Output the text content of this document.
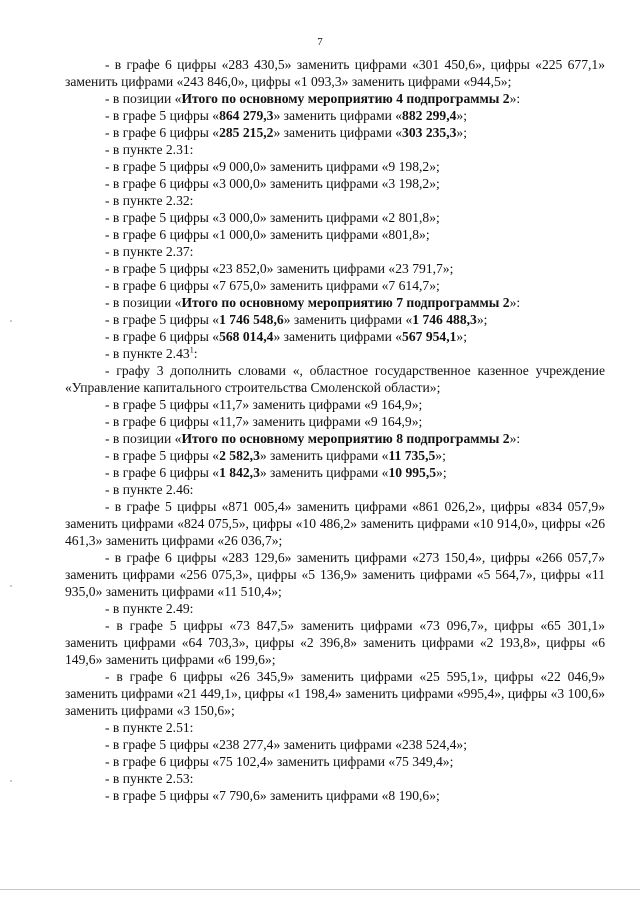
7

- в графе 6 цифры «283 430,5» заменить цифрами «301 450,6», цифры «225 677,1» заменить цифрами «243 846,0», цифры «1 093,3» заменить цифрами «944,5»;

- в позиции «Итого по основному мероприятию 4 подпрограммы 2»:

- в графе 5 цифры «864 279,3» заменить цифрами «882 299,4»;

- в графе 6 цифры «285 215,2» заменить цифрами «303 235,3»;

- в пункте 2.31:

- в графе 5 цифры «9 000,0» заменить цифрами «9 198,2»;

- в графе 6 цифры «3 000,0» заменить цифрами «3 198,2»;

- в пункте 2.32:

- в графе 5 цифры «3 000,0» заменить цифрами «2 801,8»;

- в графе 6 цифры «1 000,0» заменить цифрами «801,8»;

- в пункте 2.37:

- в графе 5 цифры «23 852,0» заменить цифрами «23 791,7»;

- в графе 6 цифры «7 675,0» заменить цифрами «7 614,7»;

- в позиции «Итого по основному мероприятию 7 подпрограммы 2»:

- в графе 5 цифры «1 746 548,6» заменить цифрами «1 746 488,3»;

- в графе 6 цифры «568 014,4» заменить цифрами «567 954,1»;

- в пункте 2.43$^1$:

- графу 3 дополнить словами «, областное государственное казенное учреждение «Управление капитального строительства Смоленской области»;

- в графе 5 цифры «11,7» заменить цифрами «9 164,9»;

- в графе 6 цифры «11,7» заменить цифрами «9 164,9»;

- в позиции «Итого по основному мероприятию 8 подпрограммы 2»:

- в графе 5 цифры «2 582,3» заменить цифрами «11 735,5»;

- в графе 6 цифры «1 842,3» заменить цифрами «10 995,5»;

- в пункте 2.46:

- в графе 5 цифры «871 005,4» заменить цифрами «861 026,2», цифры «834 057,9» заменить цифрами «824 075,5», цифры «10 486,2» заменить цифрами «10 914,0», цифры «26 461,3» заменить цифрами «26 036,7»;

- в графе 6 цифры «283 129,6» заменить цифрами «273 150,4», цифры «266 057,7» заменить цифрами «256 075,3», цифры «5 136,9» заменить цифрами «5 564,7», цифры «11 935,0» заменить цифрами «11 510,4»;

- в пункте 2.49:

- в графе 5 цифры «73 847,5» заменить цифрами «73 096,7», цифры «65 301,1» заменить цифрами «64 703,3», цифры «2 396,8» заменить цифрами «2 193,8», цифры «6 149,6» заменить цифрами «6 199,6»;

- в графе 6 цифры «26 345,9» заменить цифрами «25 595,1», цифры «22 046,9» заменить цифрами «21 449,1», цифры «1 198,4» заменить цифрами «995,4», цифры «3 100,6» заменить цифрами «3 150,6»;

- в пункте 2.51:

- в графе 5 цифры «238 277,4» заменить цифрами «238 524,4»;

- в графе 6 цифры «75 102,4» заменить цифрами «75 349,4»;

- в пункте 2.53:

- в графе 5 цифры «7 790,6» заменить цифрами «8 190,6»;
